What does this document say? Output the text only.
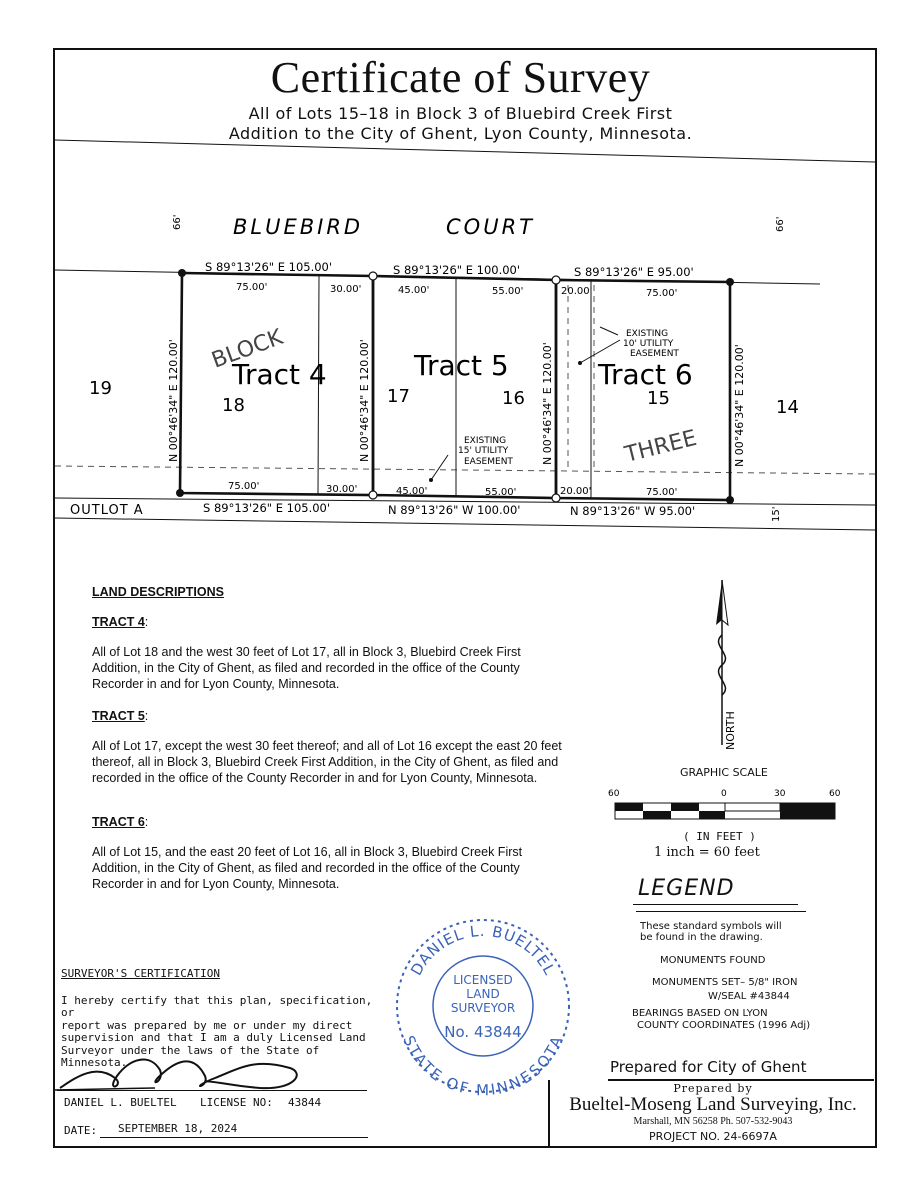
Certificate of Survey
All of Lots 15–18 in Block 3 of Bluebird Creek First
Addition to the City of Ghent, Lyon County, Minnesota.
BLUEBIRD	COURT
66'	66'
OUTLOT A	15'
S 89°13'26" E 105.00'	S 89°13'26" E 100.00'	S 89°13'26" E 95.00'
S 89°13'26" E 105.00'	N 89°13'26" W 100.00'	N 89°13'26" W 95.00'
N 00°46'34" E 120.00'	N 00°46'34" E 120.00'	N 00°46'34" E 120.00'	N 00°46'34" E 120.00'
75.00'	30.00'	45.00'	55.00'	20.00'	75.00'
75.00'	30.00'	45.00'	55.00'	20.00'	75.00'
19
18	17	16	15	14
BLOCK
THREE
Tract 4	Tract 5	Tract 6
EXISTING
10' UTILITY
EASEMENT
EXISTING
15' UTILITY
EASEMENT
LAND DESCRIPTIONS
TRACT 4:
All of Lot 18 and the west 30 feet of Lot 17, all in Block 3, Bluebird Creek First Addition, in the City of Ghent, as filed and recorded in the office of the County Recorder in and for Lyon County, Minnesota.
TRACT 5:
All of Lot 17, except the west 30 feet thereof; and all of Lot 16 except the east 20 feet thereof, all in Block 3, Bluebird Creek First Addition, in the City of Ghent, as filed and recorded in the office of the County Recorder in and for Lyon County, Minnesota.
TRACT 6:
All of Lot 15, and the east 20 feet of Lot 16, all in Block 3, Bluebird Creek First Addition, in the City of Ghent, as filed and recorded in the office of the County Recorder in and for Lyon County, Minnesota.
NORTH
GRAPHIC SCALE
60	0	30	60
( IN FEET )
1 inch = 60 feet
LEGEND
These standard symbols will
be found in the drawing.
MONUMENTS FOUND
MONUMENTS SET– 5/8" IRON
W/SEAL #43844
BEARINGS BASED ON LYON
COUNTY COORDINATES (1996 Adj)
DANIEL L. BUELTEL
STATE OF MINNESOTA
LICENSED
LAND
SURVEYOR
No. 43844
SURVEYOR'S CERTIFICATION
I hereby certify that this plan, specification, or
report was prepared by me or under my direct
supervision and that I am a duly Licensed Land
Surveyor under the laws of the State of Minnesota.
DANIEL L. BUELTEL LICENSE NO: 43844
DATE: SEPTEMBER 18, 2024
Prepared for City of Ghent
Prepared by
Bueltel-Moseng Land Surveying, Inc.
Marshall, MN 56258 Ph. 507-532-9043
PROJECT NO. 24-6697A
